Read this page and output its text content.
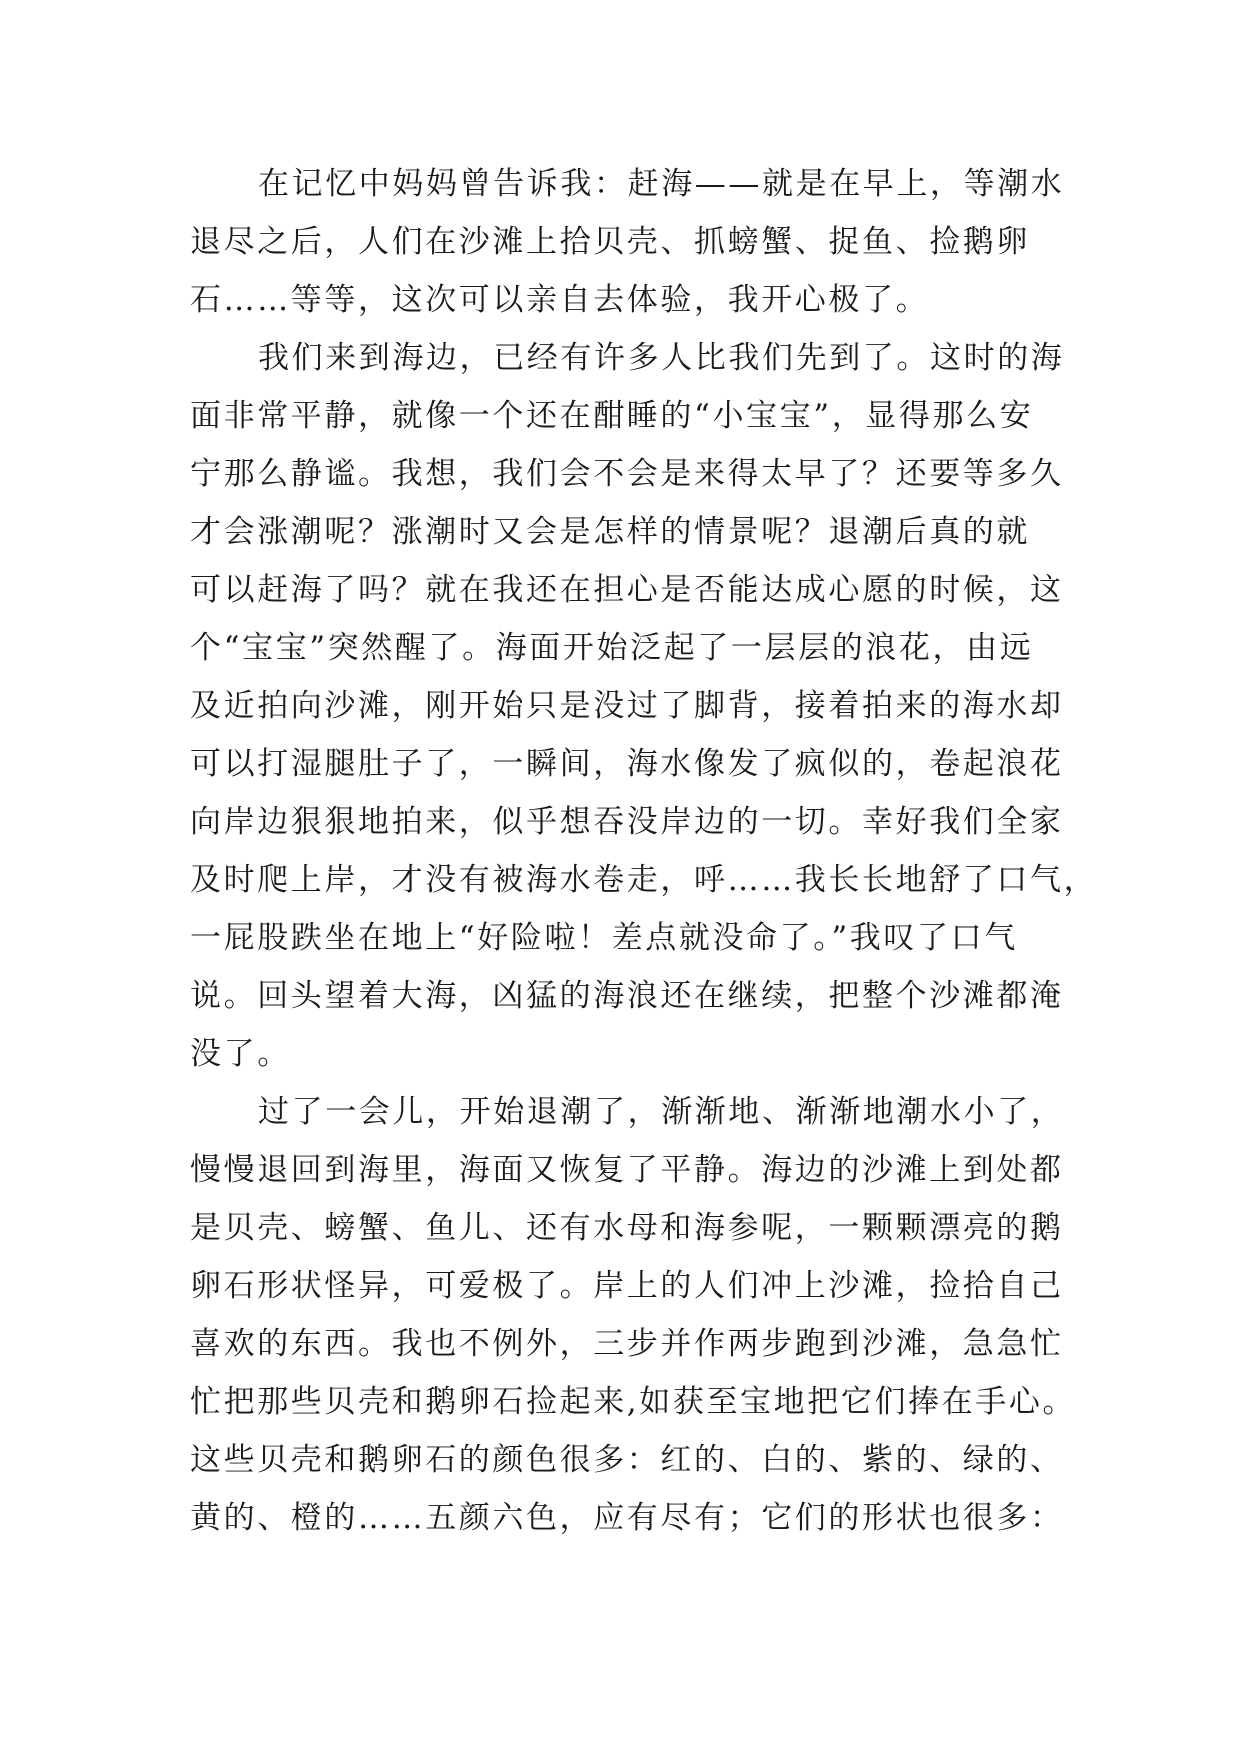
在记忆中妈妈曾告诉我：赶海——就是在早上，等潮水
退尽之后，人们在沙滩上拾贝壳、抓螃蟹、捉鱼、捡鹅卵
石……等等，这次可以亲自去体验，我开心极了。
我们来到海边，已经有许多人比我们先到了。这时的海
面非常平静，就像一个还在酣睡的“小宝宝”，显得那么安
宁那么静谧。我想，我们会不会是来得太早了？还要等多久
才会涨潮呢？涨潮时又会是怎样的情景呢？退潮后真的就
可以赶海了吗？就在我还在担心是否能达成心愿的时候，这
个“宝宝”突然醒了。海面开始泛起了一层层的浪花，由远
及近拍向沙滩，刚开始只是没过了脚背，接着拍来的海水却
可以打湿腿肚子了，一瞬间，海水像发了疯似的，卷起浪花
向岸边狠狠地拍来，似乎想吞没岸边的一切。幸好我们全家
及时爬上岸，才没有被海水卷走，呼……我长长地舒了口气，
一屁股跌坐在地上“好险啦！差点就没命了。”我叹了口气
说。回头望着大海，凶猛的海浪还在继续，把整个沙滩都淹
没了。
过了一会儿，开始退潮了，渐渐地、渐渐地潮水小了，
慢慢退回到海里，海面又恢复了平静。海边的沙滩上到处都
是贝壳、螃蟹、鱼儿、还有水母和海参呢，一颗颗漂亮的鹅
卵石形状怪异，可爱极了。岸上的人们冲上沙滩，捡拾自己
喜欢的东西。我也不例外，三步并作两步跑到沙滩，急急忙
忙把那些贝壳和鹅卵石捡起来,如获至宝地把它们捧在手心。
这些贝壳和鹅卵石的颜色很多：红的、白的、紫的、绿的、
黄的、橙的……五颜六色，应有尽有；它们的形状也很多：
